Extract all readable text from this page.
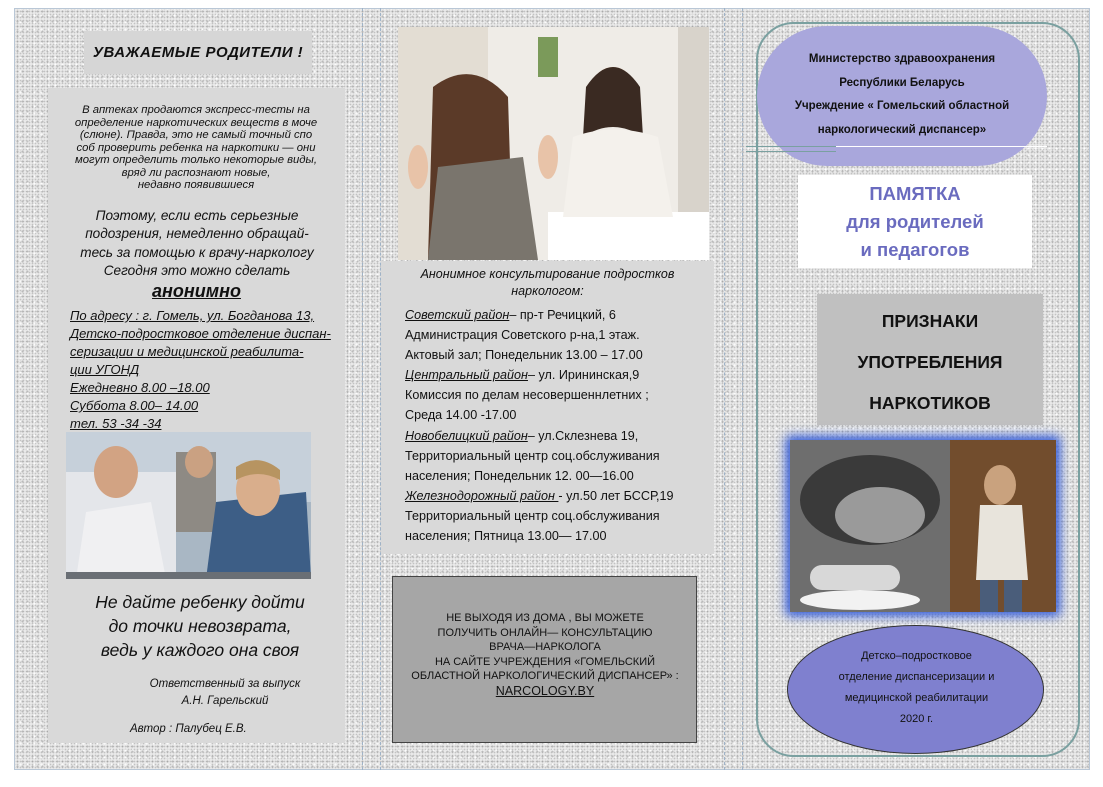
УВАЖАЕМЫЕ РОДИТЕЛИ !
В аптеках продаются экспресс-тесты на
определение наркотических веществ в моче
(слюне). Правда, это не самый точный спо
соб проверить ребенка на наркотики — они
могут определить только некоторые виды,
вряд ли распознают новые,
недавно появившиеся
Поэтому, если есть серьезные
подозрения, немедленно обращай-
тесь за помощью к врачу-наркологу
Сегодня это можно сделать
анонимно
По адресу : г. Гомель, ул. Богданова 13,
Детско-подростковое отделение диспан-
серизации и медицинской реабилита-
ции УГОНД
Ежедневно 8.00 –18.00
Суббота 8.00– 14.00
тел. 53 -34 -34
Не дайте ребенку дойти
до точки невозврата,
ведь у каждого она своя
Ответственный за выпуск
А.Н. Гарельский
Автор : Палубец Е.В.
Анонимное консультирование подростков
наркологом:
Советский район– пр-т Речицкий, 6
Администрация Советского р-на,1 этаж.
Актовый зал; Понедельник 13.00 – 17.00
Центральный район– ул. Ирининская,9
Комиссия по делам несовершеннлетних ;
Среда 14.00 -17.00
Новобелицкий район– ул.Склезнева 19,
Территориальный центр соц.обслуживания
населения; Понедельник 12. 00—16.00
Железнодорожный район - ул.50 лет БССР,19
Территориальный центр соц.обслуживания
населения; Пятница 13.00— 17.00
НЕ ВЫХОДЯ ИЗ ДОМА , ВЫ МОЖЕТЕ
ПОЛУЧИТЬ ОНЛАЙН— КОНСУЛЬТАЦИЮ
ВРАЧА—НАРКОЛОГА
НА САЙТЕ УЧРЕЖДЕНИЯ «ГОМЕЛЬСКИЙ
ОБЛАСТНОЙ НАРКОЛОГИЧЕСКИЙ ДИСПАНСЕР» :
NARCOLOGY.BY
Министерство здравоохранения
Республики Беларусь
Учреждение « Гомельский областной
наркологический диспансер»
ПАМЯТКА
для родителей
и педагогов
ПРИЗНАКИ
УПОТРЕБЛЕНИЯ
НАРКОТИКОВ
Детско–подростковое
отделение диспансеризации и
медицинской реабилитации
2020 г.
